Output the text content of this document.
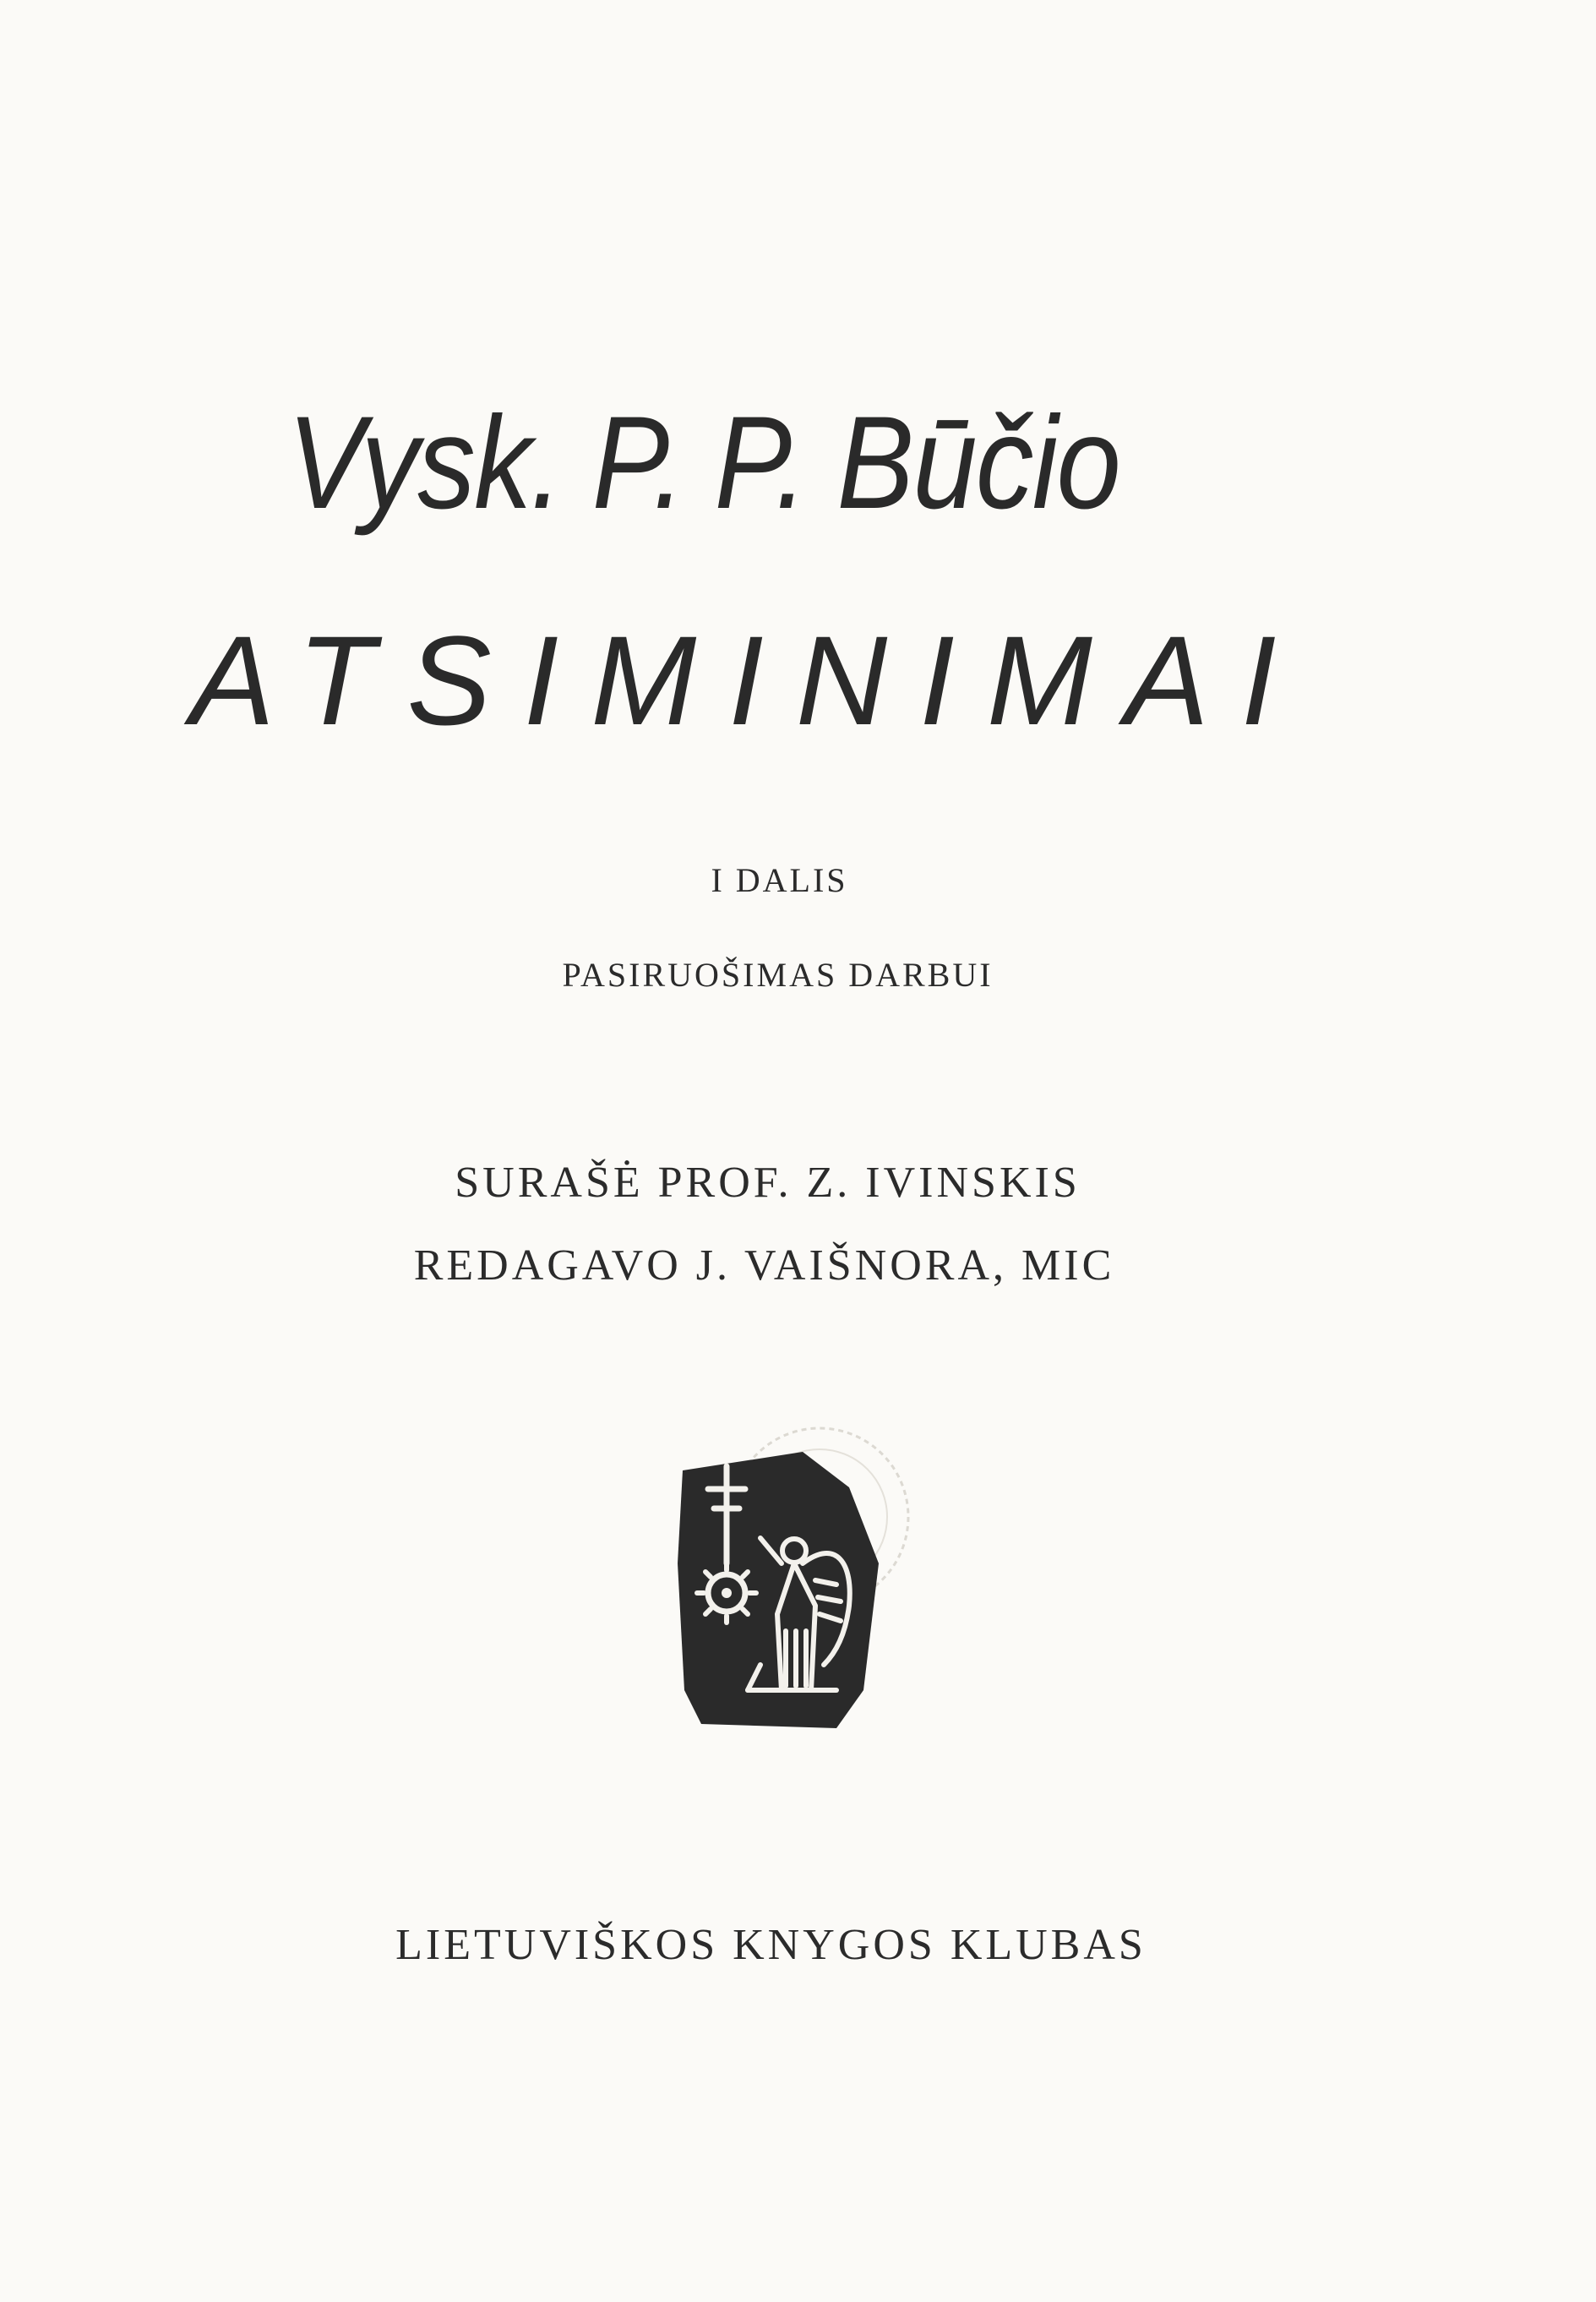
Vysk. P. P. Būčio
ATSIMINIMAI
I DALIS
PASIRUOŠIMAS DARBUI
SURAŠĖ PROF. Z. IVINSKIS
REDAGAVO J. VAIŠNORA, MIC
LIETUVIŠKOS KNYGOS KLUBAS
